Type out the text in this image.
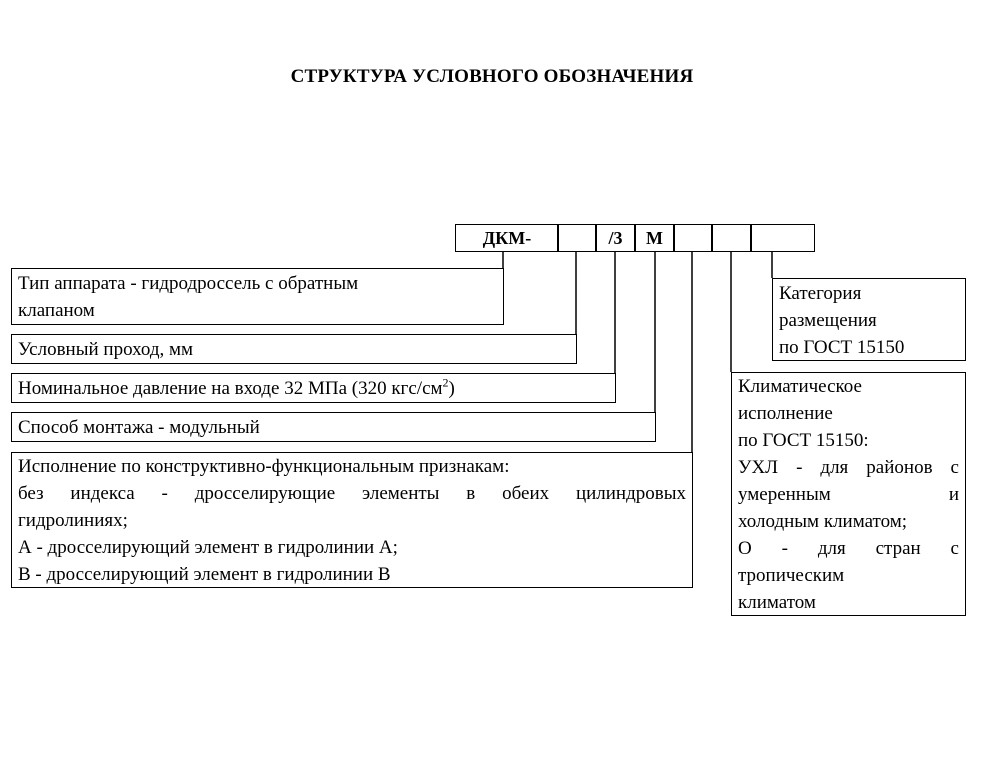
СТРУКТУРА УСЛОВНОГО ОБОЗНАЧЕНИЯ
ДКМ-	/3	М
Тип аппарата - гидродроссель с обратным
клапаном
Условный проход, мм
Номинальное давление на входе 32 МПа (320 кгс/$см^2$)
Способ монтажа - модульный
Исполнение по конструктивно-функциональным признакам:
без индекса - дросселирующие элементы в обеих цилиндровых
гидролиниях;
А - дросселирующий элемент в гидролинии А;
В - дросселирующий элемент в гидролинии В
Категория
размещения
по ГОСТ 15150
Климатическое
исполнение
по ГОСТ 15150:
УХЛ - для районов с
умеренным и
холодным климатом;
О - для стран с
тропическим
климатом
